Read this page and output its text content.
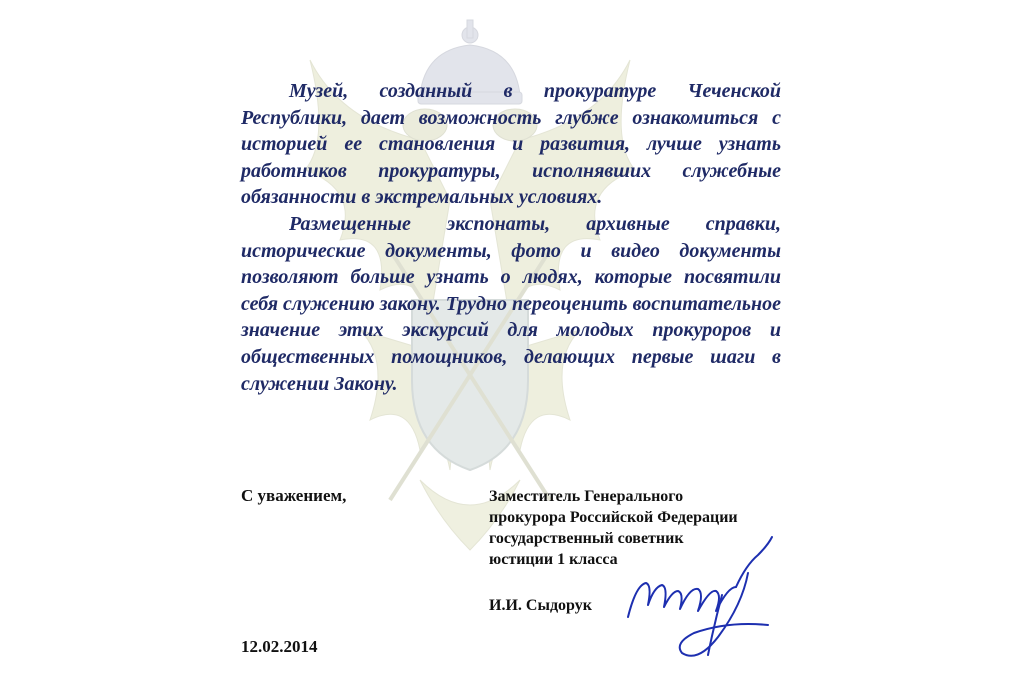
Музей, созданный в прокуратуре Чеченской Республики, дает возможность глубже ознакомиться с историей ее становления и развития, лучше узнать работников прокуратуры, исполнявших служебные обязанности в экстремальных условиях.

Размещенные экспонаты, архивные справки, исторические документы, фото и видео документы позволяют больше узнать о людях, которые посвятили себя служению закону. Трудно переоценить воспитательное значение этих экскурсий для молодых прокуроров и общественных помощников, делающих первые шаги в служении Закону.

С уважением,	Заместитель Генерального
прокурора Российской Федерации
государственный советник
юстиции 1 класса
И.И. Сыдорук
12.02.2014
